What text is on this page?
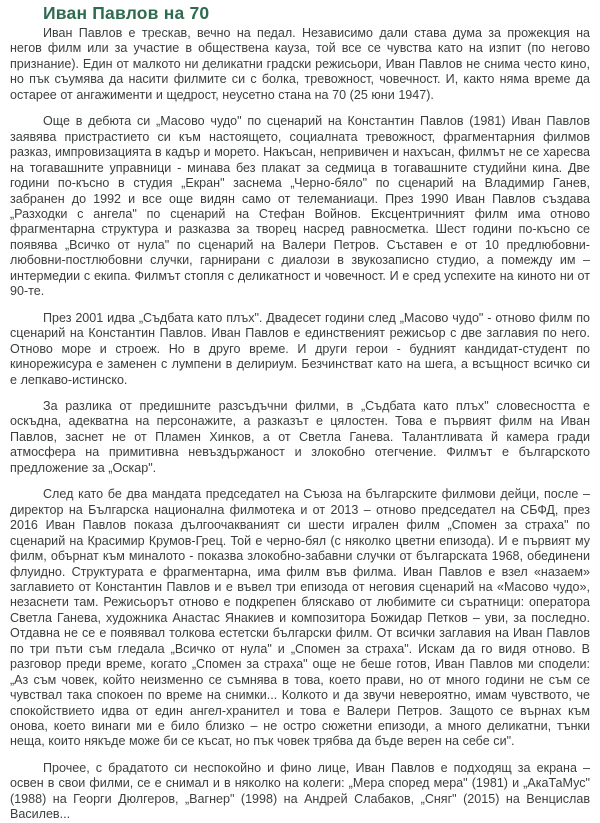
Иван Павлов на 70

Иван Павлов е трескав, вечно на педал. Независимо дали става дума за прожекция на негов филм или за участие в обществена кауза, той все се чувства като на изпит (по негово признание). Един от малкото ни деликатни градски режисьори, Иван Павлов не снима често кино, но пък съумява да насити филмите си с болка, тревожност, човечност. И, както няма време да остарее от ангажименти и щедрост, неусетно стана на 70 (25 юни 1947).

Още в дебюта си „Масово чудо" по сценарий на Константин Павлов (1981) Иван Павлов заявява пристрастието си към настоящето, социалната тревожност, фрагментарния филмов разказ, импровизацията в кадър и морето. Накъсан, непривичен и нахъсан, филмът не се харесва на тогавашните управници - минава без плакат за седмица в тогавашните студийни кина. Две години по-късно в студия „Екран" заснема „Черно-бяло" по сценарий на Владимир Ганев, забранен до 1992 и все още видян само от телеманиаци. През 1990 Иван Павлов създава „Разходки с ангела" по сценарий на Стефан Войнов. Ексцентричният филм има отново фрагментарна структура и разказва за творец насред равносметка. Шест години по-късно се появява „Всичко от нула" по сценарий на Валери Петров. Съставен е от 10 предлюбовни-любовни-постлюбовни случки, гарнирани с диалози в звукозаписно студио, а помежду им – интермедии с екипа. Филмът стопля с деликатност и човечност. И е сред успехите на киното ни от 90-те.

През 2001 идва „Съдбата като плъх". Двадесет години след „Масово чудо" - отново филм по сценарий на Константин Павлов. Иван Павлов е единственият режисьор с две заглавия по него. Отново море и строеж. Но в друго време. И други герои - будният кандидат-студент по кинорежисура е заменен с лумпени в делириум. Безчинстват като на шега, а всъщност всичко си е лепкаво-истинско.

За разлика от предишните разсъдъчни филми, в „Съдбата като плъх" словесността е оскъдна, адекватна на персонажите, а разказът е цялостен. Това е първият филм на Иван Павлов, заснет не от Пламен Хинков, а от Светла Ганева. Талантливата й камера гради атмосфера на примитивна невъздържаност и злокобно отегчение. Филмът е българското предложение за „Оскар".

След като бе два мандата председател на Съюза на българските филмови дейци, после – директор на Българска национална филмотека и от 2013 – отново председател на СБФД, през 2016 Иван Павлов показа дългоочакваният си шести игрален филм „Спомен за страха" по сценарий на Красимир Крумов-Грец. Той е черно-бял (с няколко цветни епизода). И е първият му филм, обърнат към миналото - показва злокобно-забавни случки от българската 1968, обединени флуидно. Структурата е фрагментарна, има филм във филма. Иван Павлов е взел «назаем» заглавието от Константин Павлов и е въвел три епизода от неговия сценарий на «Масово чудо», незаснети там. Режисьорът отново е подкрепен бляскаво от любимите си съратници: оператора Светла Ганева, художника Анастас Янакиев и композитора Божидар Петков – уви, за последно. Отдавна не се е появявал толкова естетски български филм. От всички заглавия на Иван Павлов по три пъти съм гледала „Всичко от нула" и „Спомен за страха". Искам да го видя отново. В разговор преди време, когато „Спомен за страха" още не беше готов, Иван Павлов ми сподели: „Аз съм човек, който неизменно се съмнява в това, което прави, но от много години не съм се чувствал така спокоен по време на снимки... Колкото и да звучи невероятно, имам чувството, че спокойствието идва от един ангел-хранител и това е Валери Петров. Защото се върнах към онова, което винаги ми е било близко – не остро сюжетни епизоди, а много деликатни, тънки неща, които някъде може би се късат, но пък човек трябва да бъде верен на себе си".

Прочее, с брадатото си неспокойно и фино лице, Иван Павлов е подходящ за екрана – освен в свои филми, се е снимал и в няколко на колеги: „Мера според мера" (1981) и „АкаТаМус" (1988) на Георги Дюлгеров, „Вагнер" (1998) на Андрей Слабаков, „Сняг" (2015) на Венцислав Василев...
